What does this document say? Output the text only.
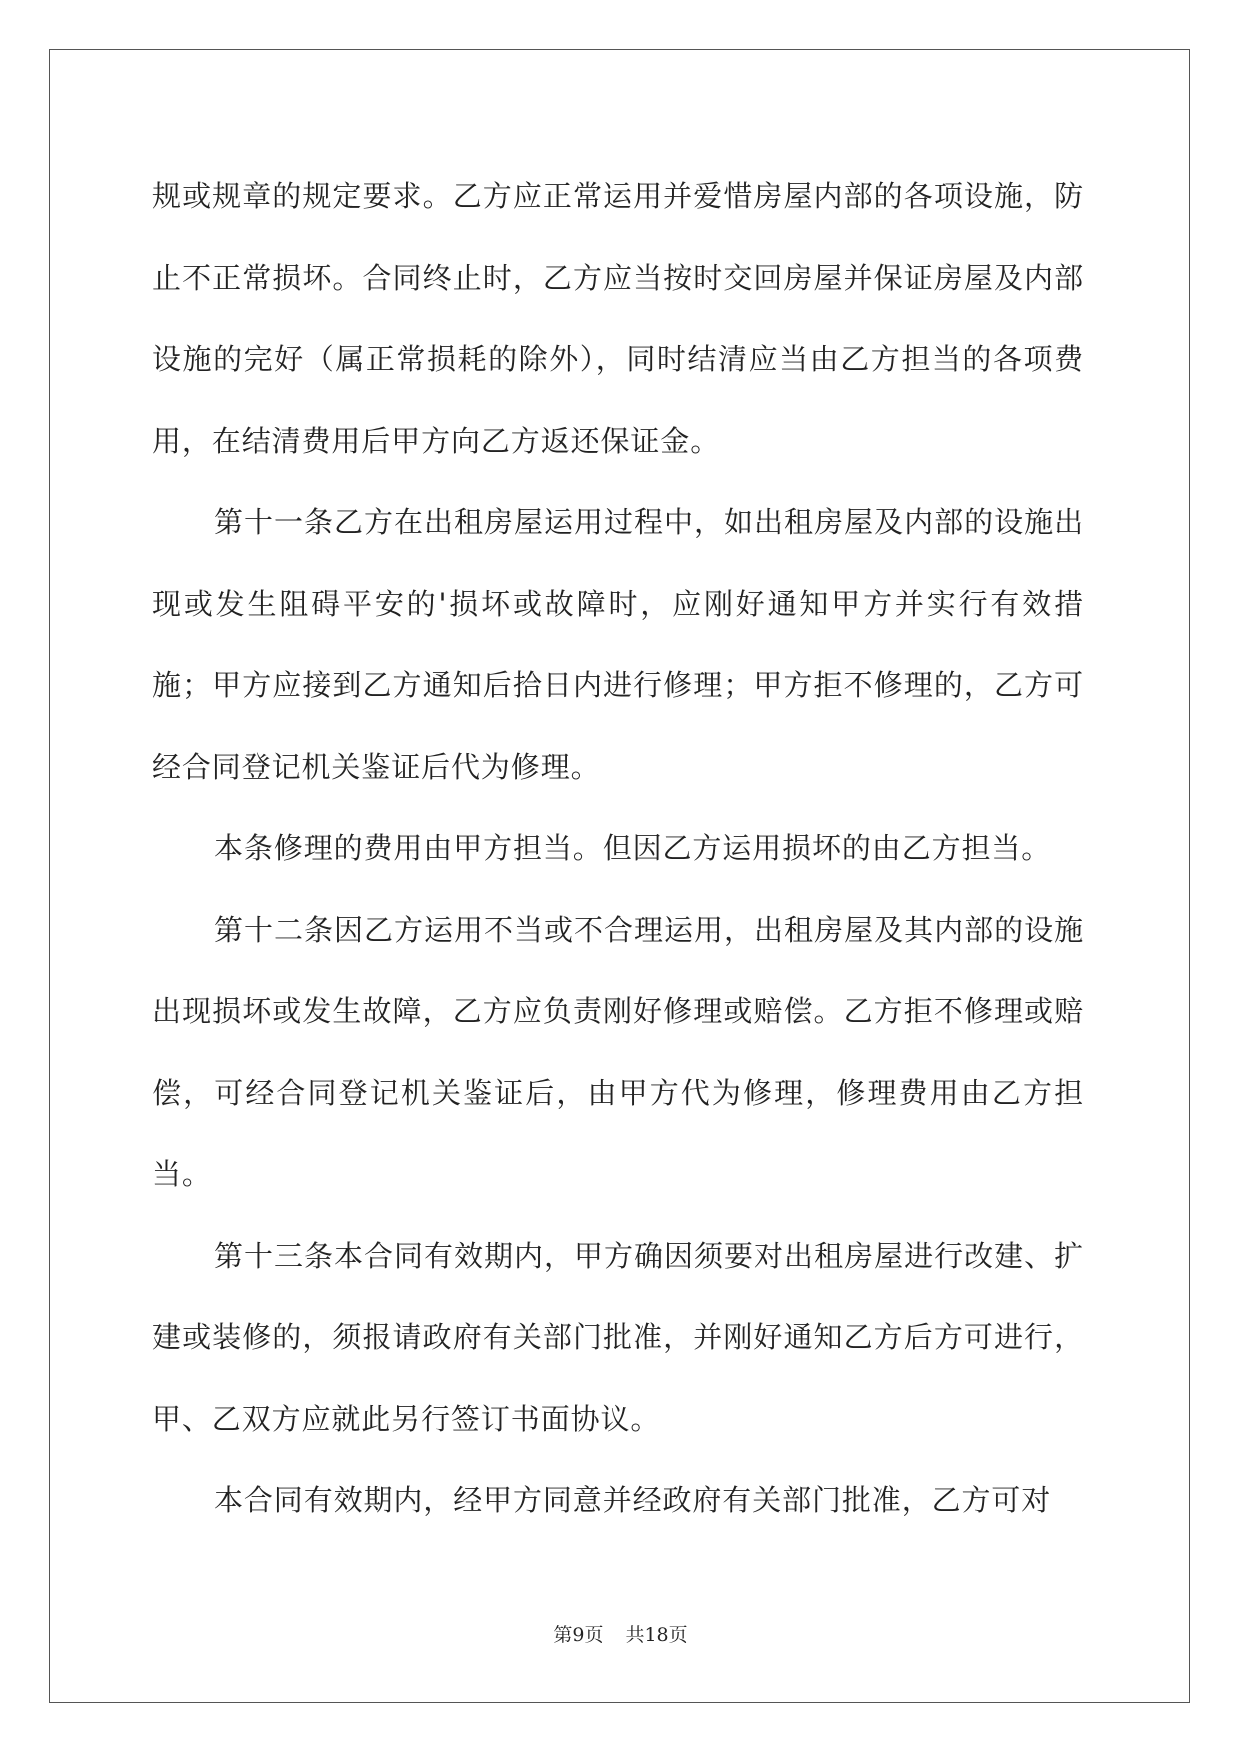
规或规章的规定要求。乙方应正常运用并爱惜房屋内部的各项设施，防止不正常损坏。合同终止时，乙方应当按时交回房屋并保证房屋及内部设施的完好（属正常损耗的除外），同时结清应当由乙方担当的各项费用，在结清费用后甲方向乙方返还保证金。

第十一条乙方在出租房屋运用过程中，如出租房屋及内部的设施出现或发生阻碍平安的'损坏或故障时，应刚好通知甲方并实行有效措施；甲方应接到乙方通知后拾日内进行修理；甲方拒不修理的，乙方可经合同登记机关鉴证后代为修理。

本条修理的费用由甲方担当。但因乙方运用损坏的由乙方担当。

第十二条因乙方运用不当或不合理运用，出租房屋及其内部的设施出现损坏或发生故障，乙方应负责刚好修理或赔偿。乙方拒不修理或赔偿，可经合同登记机关鉴证后，由甲方代为修理，修理费用由乙方担当。

第十三条本合同有效期内，甲方确因须要对出租房屋进行改建、扩建或装修的，须报请政府有关部门批准，并刚好通知乙方后方可进行，甲、乙双方应就此另行签订书面协议。

本合同有效期内，经甲方同意并经政府有关部门批准，乙方可对

第9页 共18页
